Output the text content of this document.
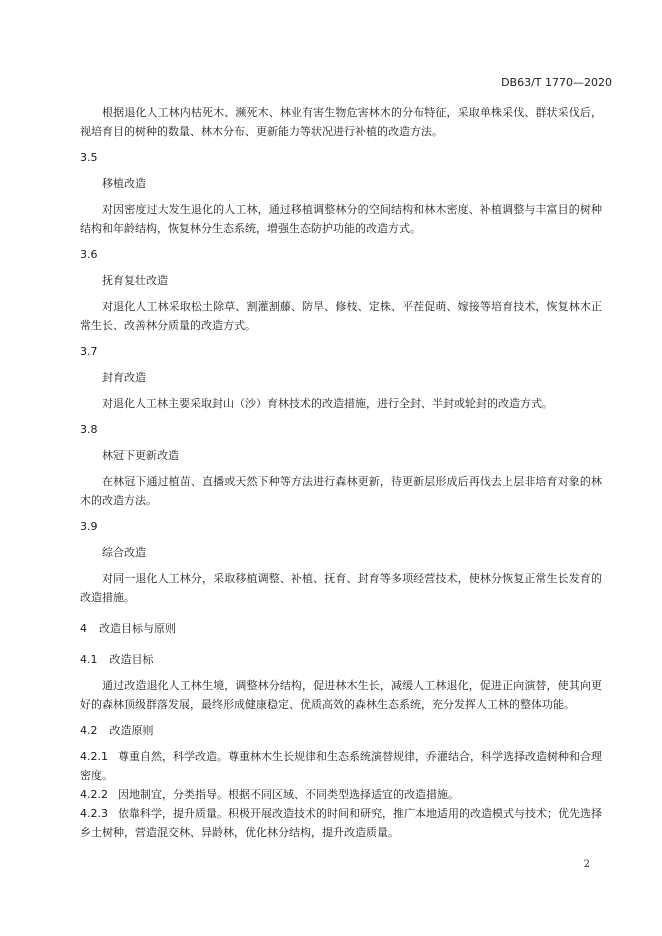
DB63/T 1770—2020

根据退化人工林内枯死木、濒死木、林业有害生物危害林木的分布特征，采取单株采伐、群状采伐后，视培育目的树种的数量、林木分布、更新能力等状况进行补植的改造方法。

3.5

移植改造

对因密度过大发生退化的人工林，通过移植调整林分的空间结构和林木密度、补植调整与丰富目的树种结构和年龄结构，恢复林分生态系统，增强生态防护功能的改造方式。

3.6

抚育复壮改造

对退化人工林采取松土除草、割灌割藤、防旱、修枝、定株、平茬促萌、嫁接等培育技术，恢复林木正常生长、改善林分质量的改造方式。

3.7

封育改造

对退化人工林主要采取封山（沙）育林技术的改造措施，进行全封、半封或轮封的改造方式。

3.8

林冠下更新改造

在林冠下通过植苗、直播或天然下种等方法进行森林更新，待更新层形成后再伐去上层非培育对象的林木的改造方法。

3.9

综合改造

对同一退化人工林分，采取移植调整、补植、抚育、封育等多项经营技术，使林分恢复正常生长发育的改造措施。

4 改造目标与原则

4.1 改造目标

通过改造退化人工林生境，调整林分结构，促进林木生长，减缓人工林退化，促进正向演替，使其向更好的森林顶级群落发展，最终形成健康稳定、优质高效的森林生态系统，充分发挥人工林的整体功能。

4.2 改造原则

4.2.1 尊重自然，科学改造。尊重林木生长规律和生态系统演替规律，乔灌结合，科学选择改造树种和合理密度。

4.2.2 因地制宜，分类指导。根据不同区域、不同类型选择适宜的改造措施。

4.2.3 依靠科学，提升质量。积极开展改造技术的时间和研究，推广本地适用的改造模式与技术；优先选择乡土树种，营造混交林、异龄林，优化林分结构，提升改造质量。

2
